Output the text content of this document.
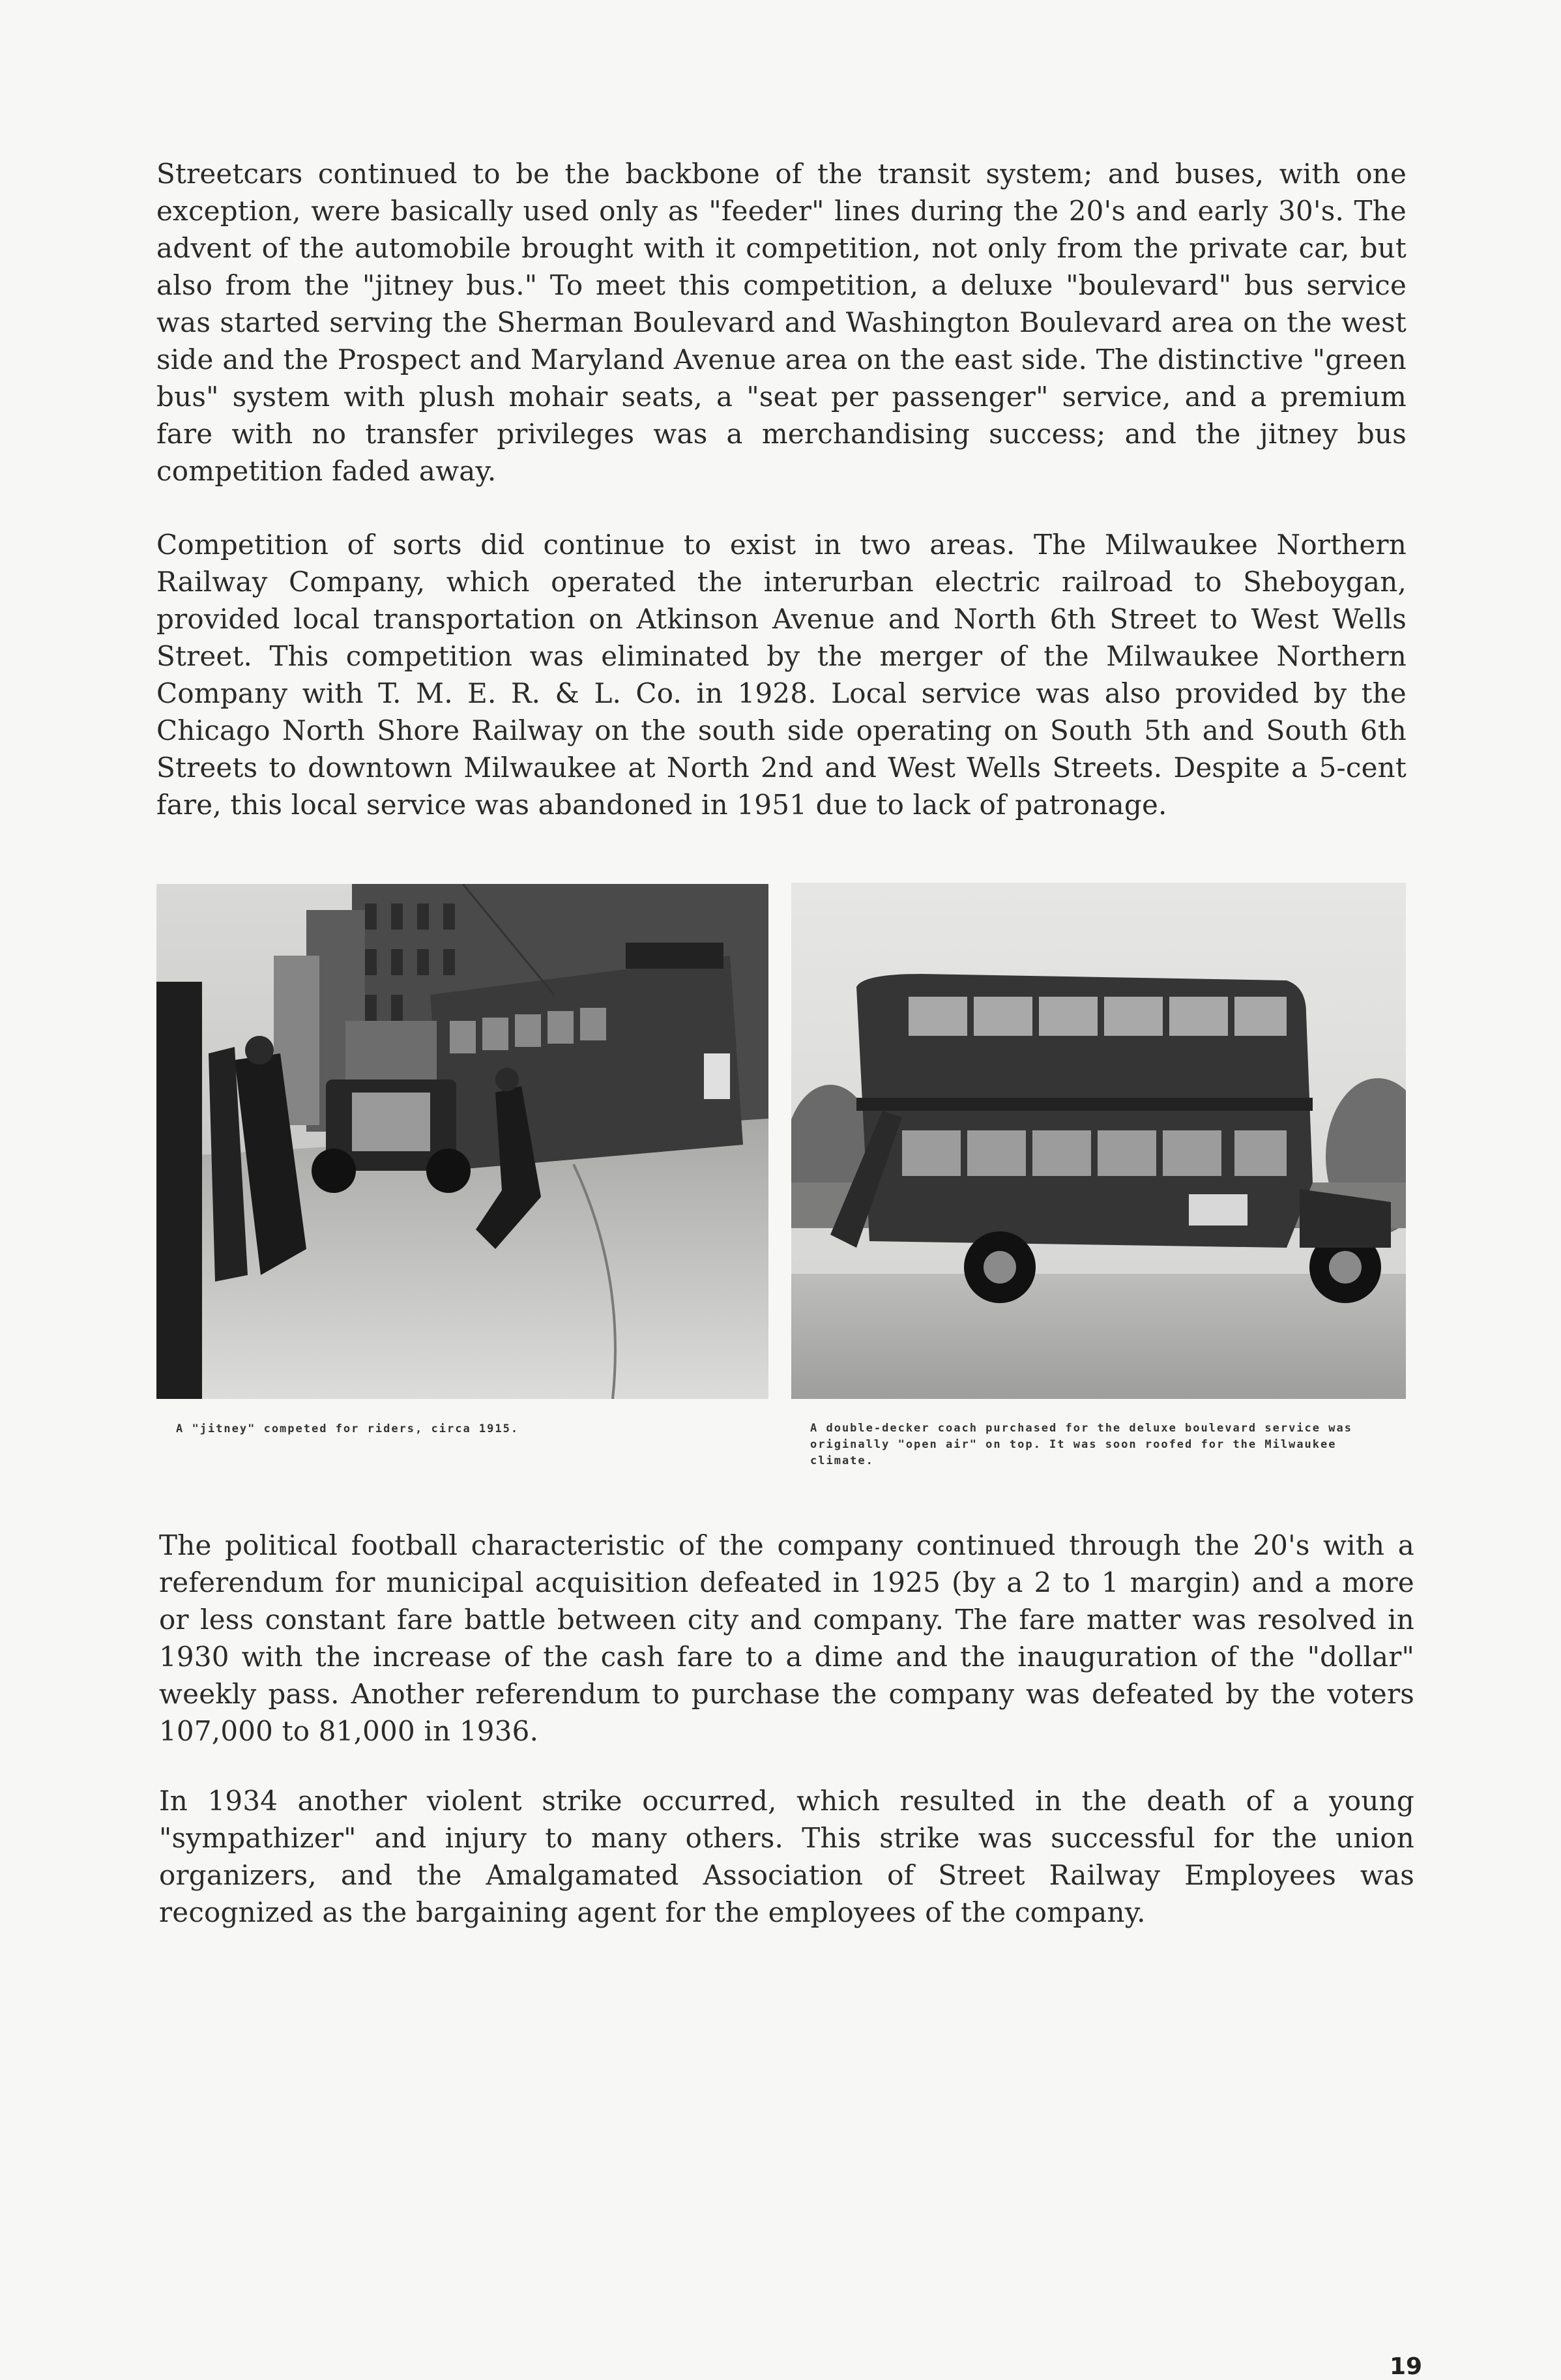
Streetcars continued to be the backbone of the transit system; and buses, with one exception, were basically used only as "feeder" lines during the 20's and early 30's. The advent of the automobile brought with it competition, not only from the private car, but also from the "jitney bus." To meet this competition, a deluxe "boulevard" bus service was started serving the Sherman Boulevard and Washington Boulevard area on the west side and the Prospect and Maryland Avenue area on the east side. The distinctive "green bus" system with plush mohair seats, a "seat per passenger" service, and a premium fare with no transfer privileges was a merchandising success; and the jitney bus competition faded away.

Competition of sorts did continue to exist in two areas. The Milwaukee Northern Railway Company, which operated the interurban electric railroad to Sheboygan, provided local transportation on Atkinson Avenue and North 6th Street to West Wells Street. This competition was eliminated by the merger of the Milwaukee Northern Company with T. M. E. R. & L. Co. in 1928. Local service was also provided by the Chicago North Shore Railway on the south side operating on South 5th and South 6th Streets to downtown Milwaukee at North 2nd and West Wells Streets. Despite a 5-cent fare, this local service was abandoned in 1951 due to lack of patronage.

A "jitney" competed for riders, circa 1915.	A double-decker coach purchased for the deluxe boulevard service was originally "open air" on top. It was soon roofed for the Milwaukee climate.

The political football characteristic of the company continued through the 20's with a referendum for municipal acquisition defeated in 1925 (by a 2 to 1 margin) and a more or less constant fare battle between city and company. The fare matter was resolved in 1930 with the increase of the cash fare to a dime and the inauguration of the "dollar" weekly pass. Another referendum to purchase the company was defeated by the voters 107,000 to 81,000 in 1936.

In 1934 another violent strike occurred, which resulted in the death of a young "sympathizer" and injury to many others. This strike was successful for the union organizers, and the Amalgamated Association of Street Railway Employees was recognized as the bargaining agent for the employees of the company.

19
